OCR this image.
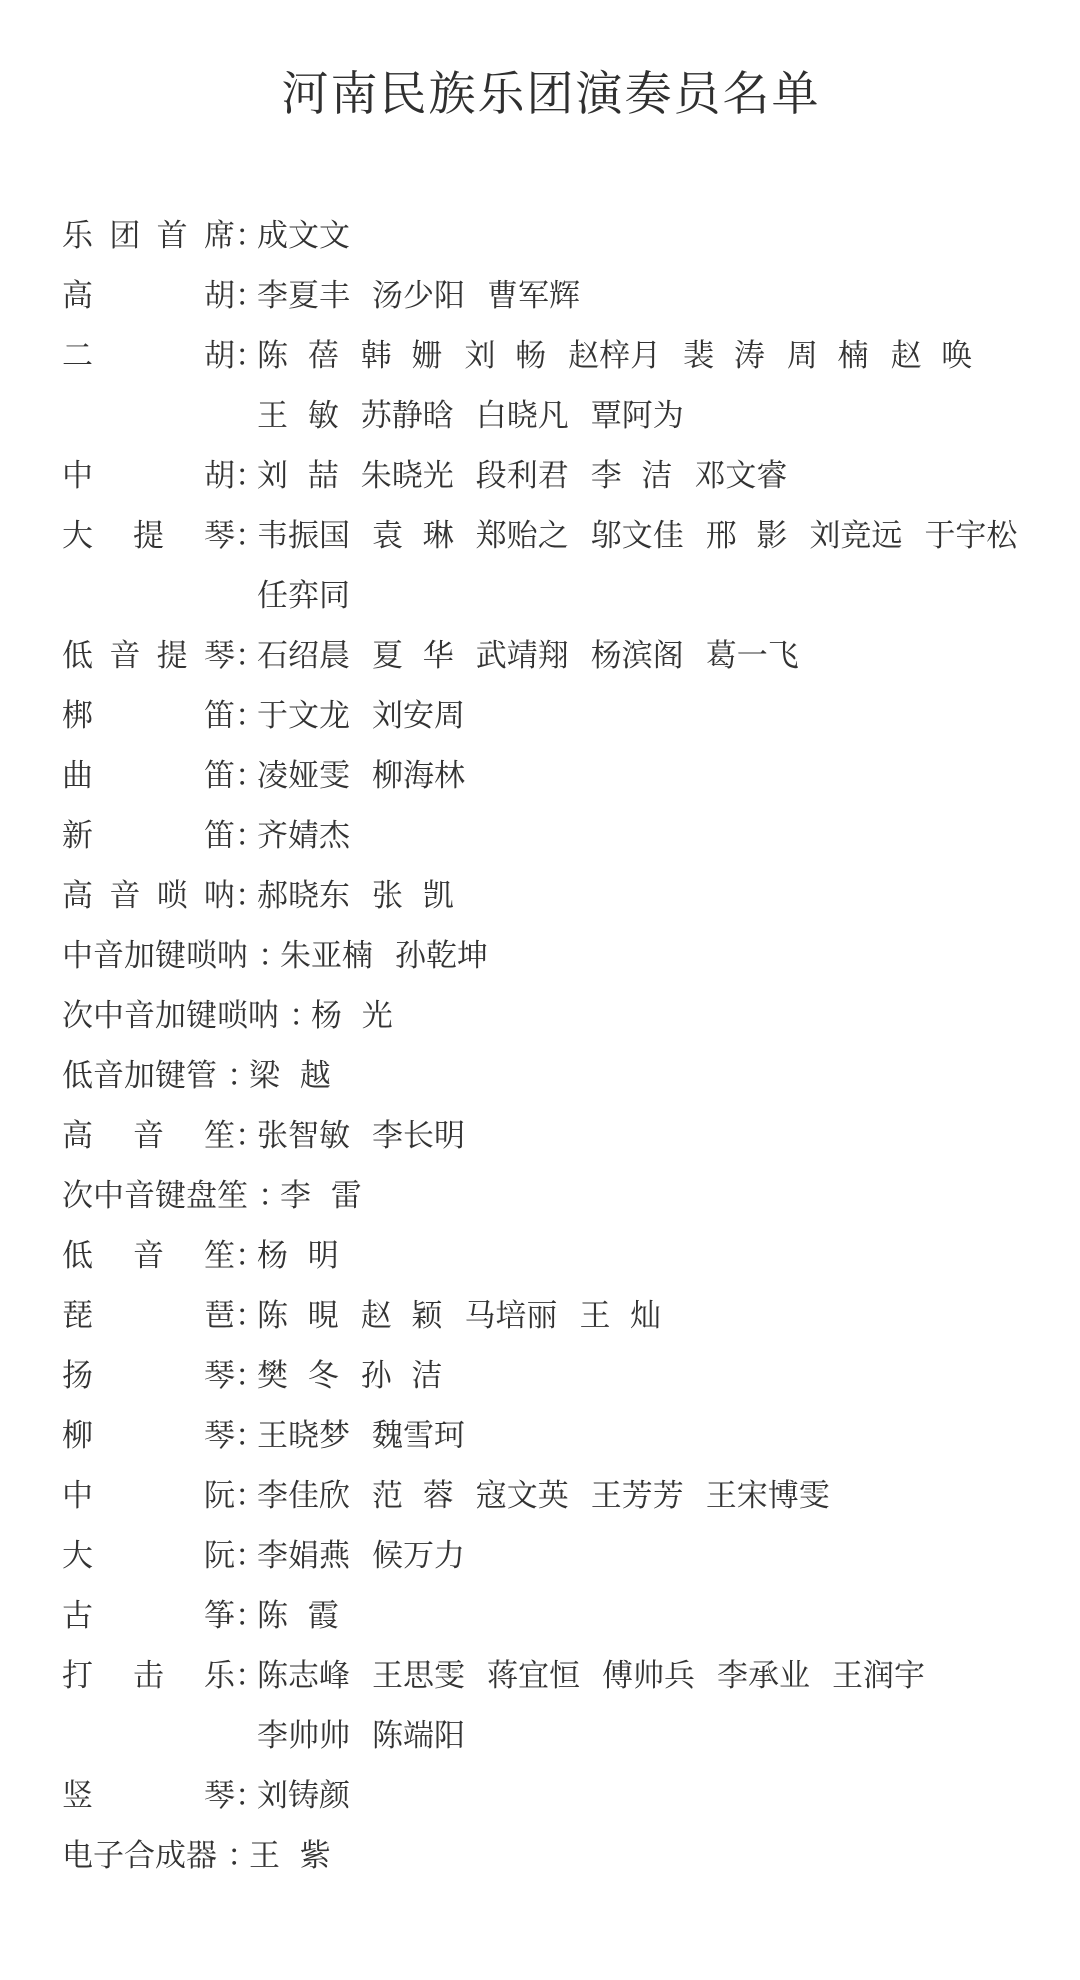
河南民族乐团演奏员名单
乐 团 首 席 ：
成文文
高 胡 ：
李夏丰 汤少阳 曹军辉
二 胡 ：
陈  蓓 韩  姗 刘  畅 赵梓月 裴  涛 周  楠 赵  唤
王  敏 苏静晗 白晓凡 覃阿为
中 胡 ：
刘  喆 朱晓光 段利君 李  洁 邓文睿
大 提 琴 ：
韦振国 袁  琳 郑贻之 邬文佳 邢  影 刘竞远 于宇松
任弈同
低 音 提 琴 ：
石绍晨 夏  华 武靖翔 杨滨阁 葛一飞
梆 笛 ：
于文龙 刘安周
曲 笛 ：
凌娅雯 柳海林
新 笛 ：
齐婧杰
高 音 唢 呐 ：
郝晓东 张  凯
中音加键唢呐 ：
朱亚楠 孙乾坤
次中音加键唢呐 ：
杨  光
低音加键管 ：
梁  越
高 音 笙 ：
张智敏 李长明
次中音键盘笙 ：
李  雷
低 音 笙 ：
杨  明
琵 琶 ：
陈  晛 赵  颖 马培丽 王  灿
扬 琴 ：
樊  冬 孙  洁
柳 琴 ：
王晓梦 魏雪珂
中 阮 ：
李佳欣 范  蓉 寇文英 王芳芳 王宋博雯
大 阮 ：
李娟燕 候万力
古 筝 ：
陈  霞
打 击 乐 ：
陈志峰 王思雯 蒋宜恒 傅帅兵 李承业 王润宇
李帅帅 陈端阳
竖 琴 ：
刘铸颜
电子合成器 ：
王  紫
